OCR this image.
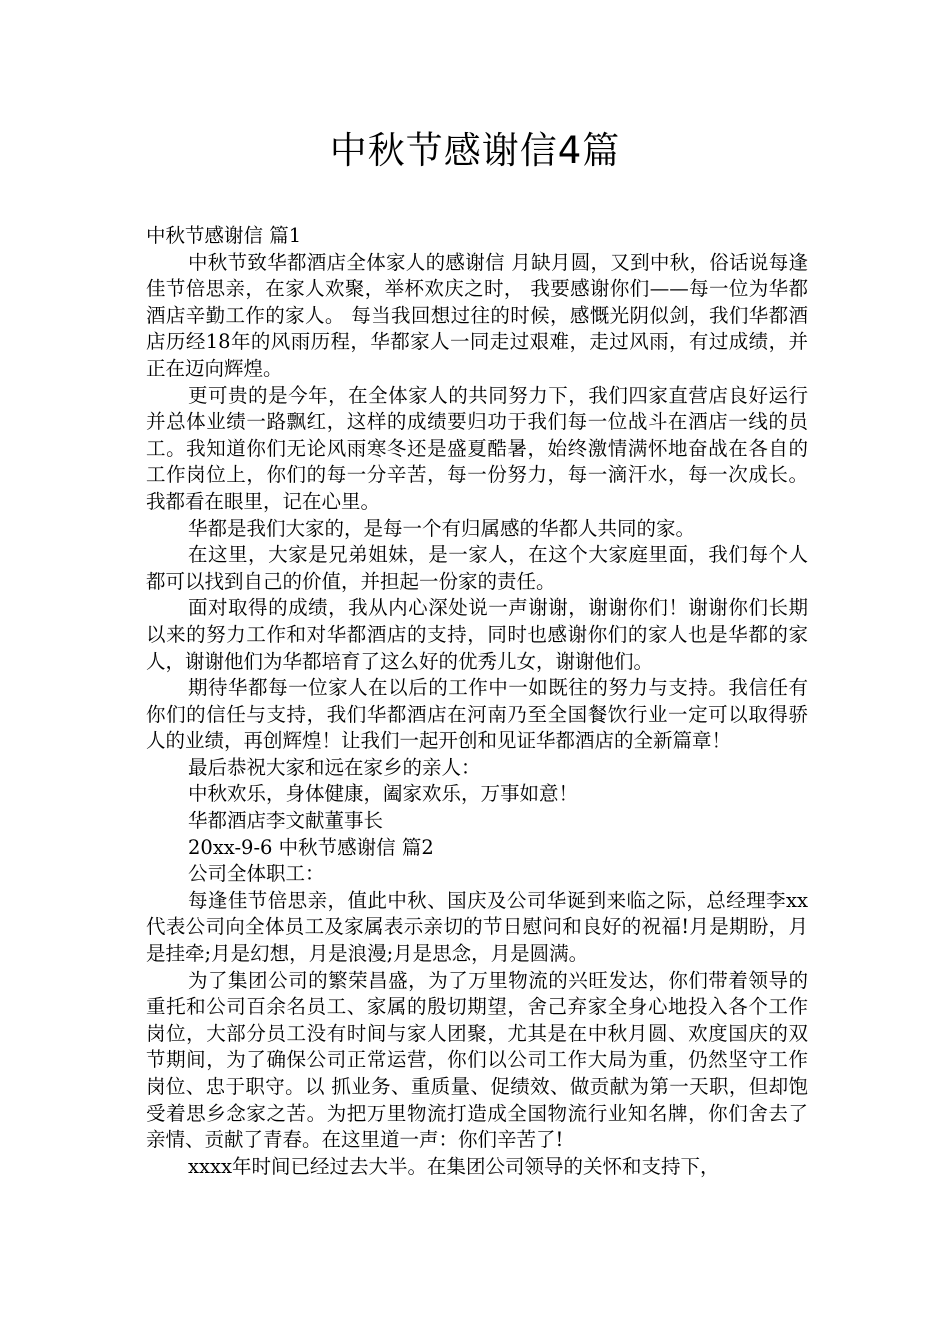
中秋节感谢信4篇

中秋节感谢信 篇1

中秋节致华都酒店全体家人的感谢信 月缺月圆，又到中秋，俗话说每逢佳节倍思亲，在家人欢聚，举杯欢庆之时， 我要感谢你们——每一位为华都酒店辛勤工作的家人。 每当我回想过往的时候，感慨光阴似剑，我们华都酒店历经18年的风雨历程，华都家人一同走过艰难，走过风雨，有过成绩，并正在迈向辉煌。

更可贵的是今年，在全体家人的共同努力下，我们四家直营店良好运行并总体业绩一路飘红，这样的成绩要归功于我们每一位战斗在酒店一线的员工。我知道你们无论风雨寒冬还是盛夏酷暑，始终激情满怀地奋战在各自的工作岗位上，你们的每一分辛苦，每一份努力，每一滴汗水，每一次成长。我都看在眼里，记在心里。

华都是我们大家的，是每一个有归属感的华都人共同的家。

在这里，大家是兄弟姐妹，是一家人，在这个大家庭里面，我们每个人都可以找到自己的价值，并担起一份家的责任。

面对取得的成绩，我从内心深处说一声谢谢，谢谢你们！谢谢你们长期以来的努力工作和对华都酒店的支持，同时也感谢你们的家人也是华都的家人，谢谢他们为华都培育了这么好的优秀儿女，谢谢他们。

期待华都每一位家人在以后的工作中一如既往的努力与支持。我信任有你们的信任与支持，我们华都酒店在河南乃至全国餐饮行业一定可以取得骄人的业绩，再创辉煌！让我们一起开创和见证华都酒店的全新篇章！

最后恭祝大家和远在家乡的亲人：

中秋欢乐，身体健康，阖家欢乐，万事如意！

华都酒店李文献董事长

20xx-9-6 中秋节感谢信 篇2

公司全体职工：

每逢佳节倍思亲，值此中秋、国庆及公司华诞到来临之际，总经理李xx代表公司向全体员工及家属表示亲切的节日慰问和良好的祝福!月是期盼，月是挂牵;月是幻想，月是浪漫;月是思念，月是圆满。

为了集团公司的繁荣昌盛，为了万里物流的兴旺发达，你们带着领导的重托和公司百余名员工、家属的殷切期望，舍己弃家全身心地投入各个工作岗位，大部分员工没有时间与家人团聚，尤其是在中秋月圆、欢度国庆的双节期间，为了确保公司正常运营，你们以公司工作大局为重，仍然坚守工作岗位、忠于职守。以 抓业务、重质量、促绩效、做贡献为第一天职，但却饱受着思乡念家之苦。为把万里物流打造成全国物流行业知名牌，你们舍去了亲情、贡献了青春。在这里道一声：你们辛苦了!

xxxx年时间已经过去大半。在集团公司领导的关怀和支持下，
